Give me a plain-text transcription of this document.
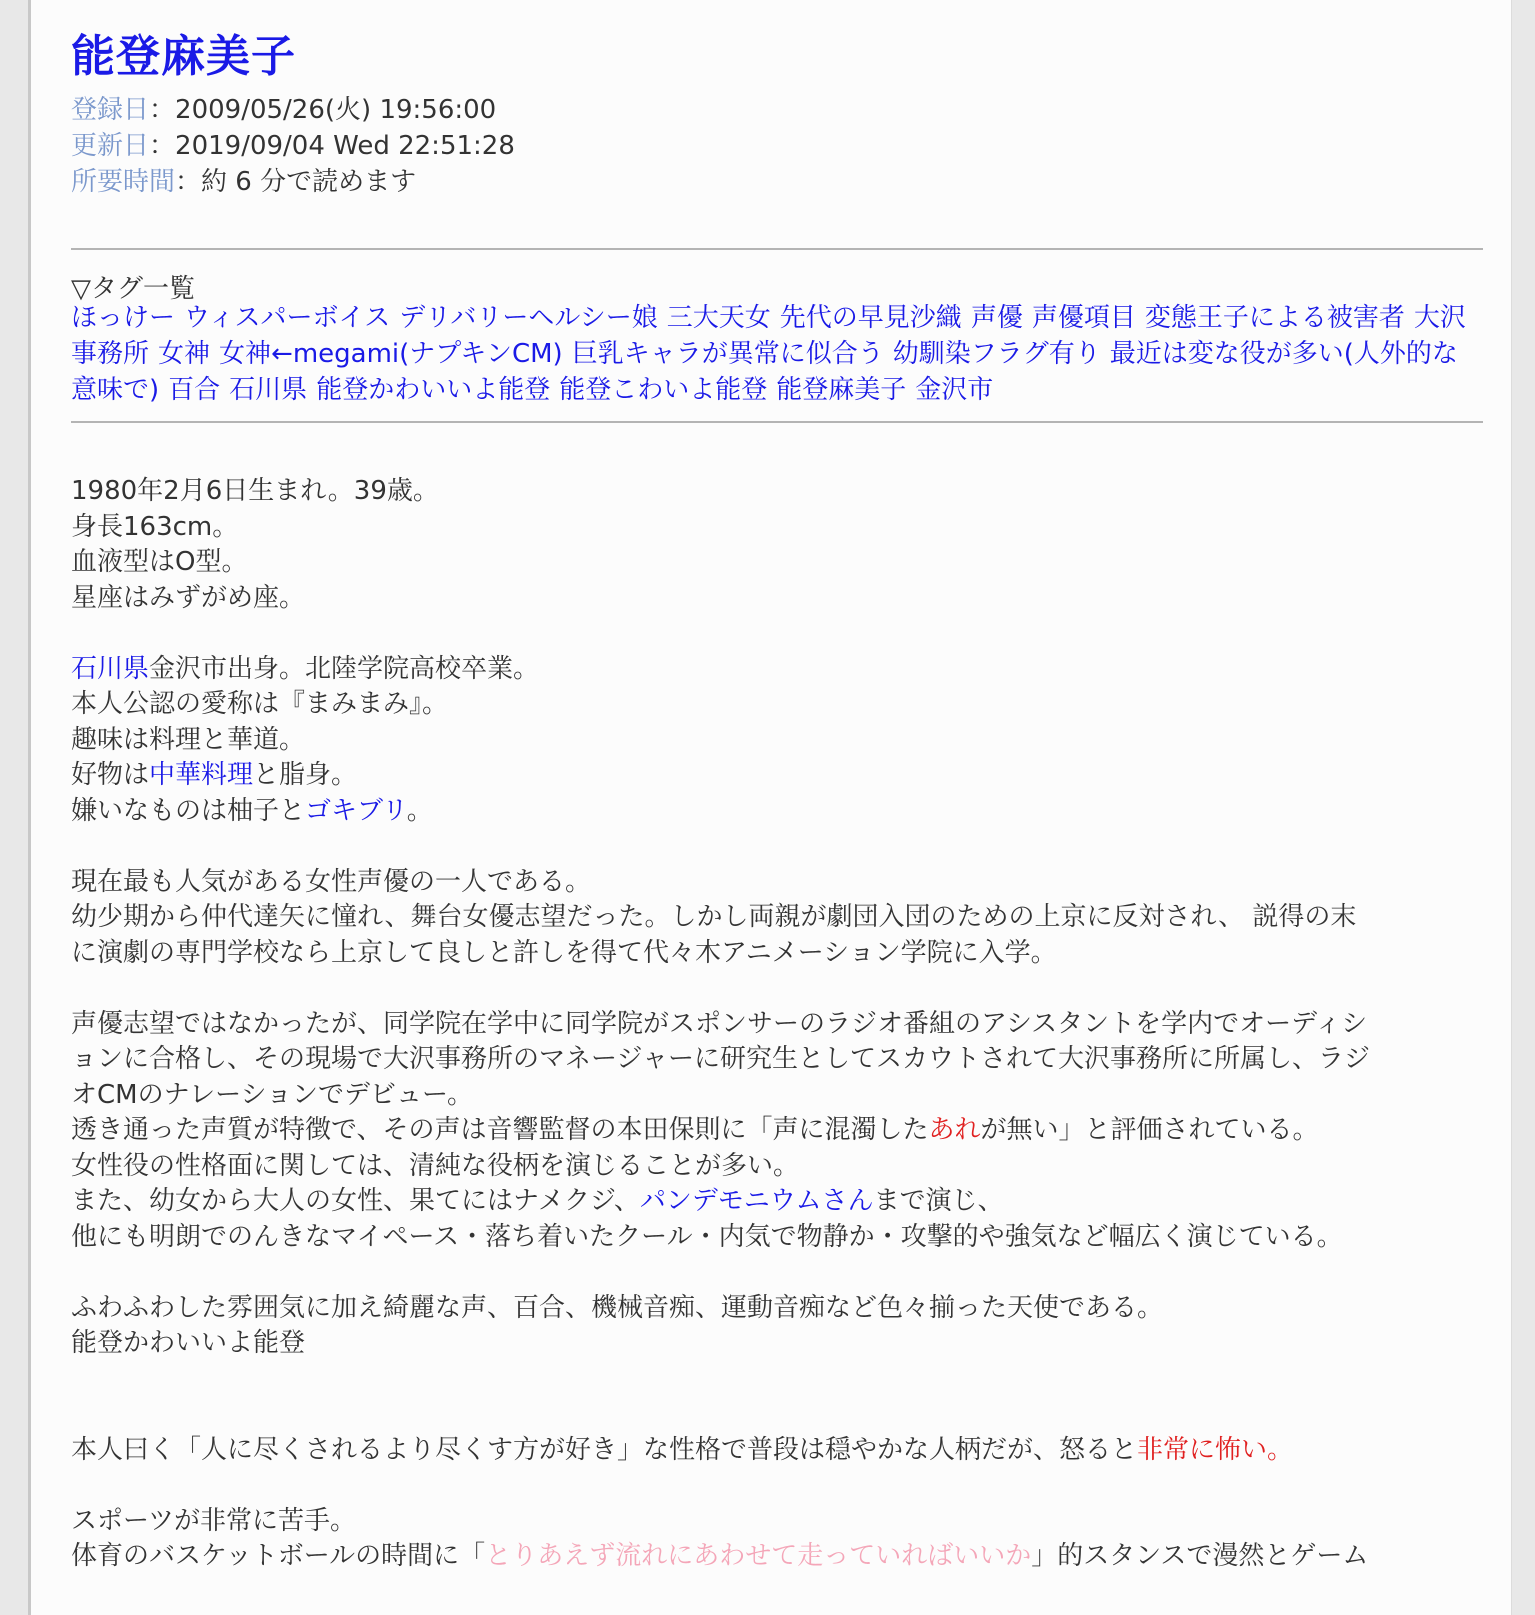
能登麻美子
登録日：2009/05/26(火) 19:56:00
更新日：2019/09/04 Wed 22:51:28
所要時間：約 6 分で読めます
▽タグ一覧
ほっけー ウィスパーボイス デリバリーヘルシー娘 三大天女 先代の早見沙織 声優 声優項目 変態王子による被害者 大沢事務所 女神 女神←megami(ナプキンCM) 巨乳キャラが異常に似合う 幼馴染フラグ有り 最近は変な役が多い(人外的な意味で) 百合 石川県 能登かわいいよ能登 能登こわいよ能登 能登麻美子 金沢市

1980年2月6日生まれ。39歳。

身長163cm。

血液型はO型。

星座はみずがめ座。

石川県金沢市出身。北陸学院高校卒業。

本人公認の愛称は『まみまみ』。

趣味は料理と華道。

好物は中華料理と脂身。

嫌いなものは柚子とゴキブリ。

現在最も人気がある女性声優の一人である。

幼少期から仲代達矢に憧れ、舞台女優志望だった。しかし両親が劇団入団のための上京に反対され、 説得の末

に演劇の専門学校なら上京して良しと許しを得て代々木アニメーション学院に入学。

声優志望ではなかったが、同学院在学中に同学院がスポンサーのラジオ番組のアシスタントを学内でオーディシ

ョンに合格し、その現場で大沢事務所のマネージャーに研究生としてスカウトされて大沢事務所に所属し、ラジ

オCMのナレーションでデビュー。

透き通った声質が特徴で、その声は音響監督の本田保則に「声に混濁したあれが無い」と評価されている。

女性役の性格面に関しては、清純な役柄を演じることが多い。

また、幼女から大人の女性、果てにはナメクジ、パンデモニウムさんまで演じ、

他にも明朗でのんきなマイペース・落ち着いたクール・内気で物静か・攻撃的や強気など幅広く演じている。

ふわふわした雰囲気に加え綺麗な声、百合、機械音痴、運動音痴など色々揃った天使である。

能登かわいいよ能登

本人曰く「人に尽くされるより尽くす方が好き」な性格で普段は穏やかな人柄だが、怒ると非常に怖い。

スポーツが非常に苦手。

体育のバスケットボールの時間に「とりあえず流れにあわせて走っていればいいか」的スタンスで漫然とゲーム
